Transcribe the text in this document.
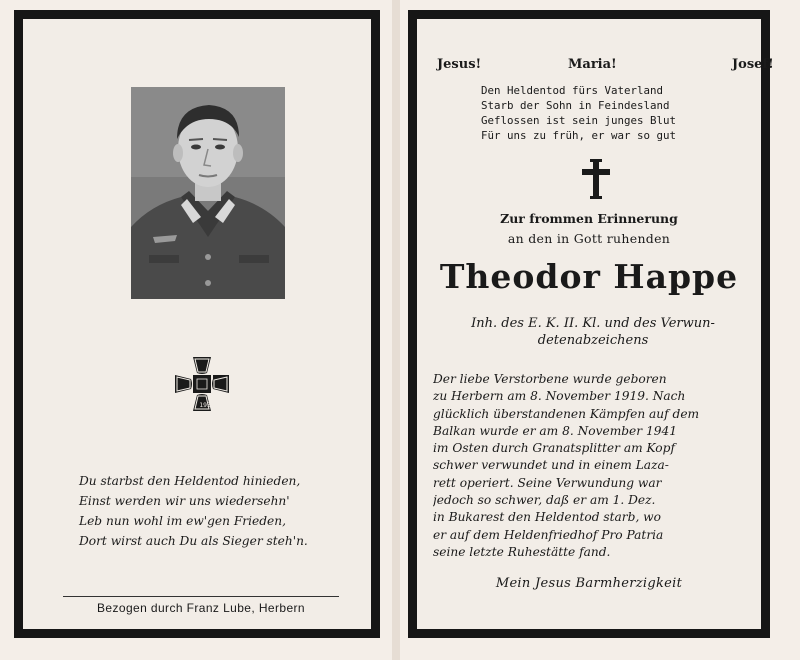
1939
Du starbst den Heldentod hinieden,
Einst werden wir uns wiedersehn'
Leb nun wohl im ew'gen Frieden,
Dort wirst auch Du als Sieger steh'n.
Bezogen durch Franz Lube, Herbern
Jesus!	Maria!	Josef!
Den Heldentod fürs Vaterland
Starb der Sohn in Feindesland
Geflossen ist sein junges Blut
Für uns zu früh, er war so gut
Zur frommen Erinnerung
an den in Gott ruhenden
Theodor Happe
Inh. des E. K. II. Kl. und des Verwun-
detenabzeichens
Der liebe Verstorbene wurde geboren
zu Herbern am 8. November 1919. Nach
glücklich überstandenen Kämpfen auf dem
Balkan wurde er am 8. November 1941
im Osten durch Granatsplitter am Kopf
schwer verwundet und in einem Laza-
rett operiert. Seine Verwundung war
jedoch so schwer, daß er am 1. Dez.
in Bukarest den Heldentod starb, wo
er auf dem Heldenfriedhof Pro Patria
seine letzte Ruhestätte fand.
Mein Jesus Barmherzigkeit
